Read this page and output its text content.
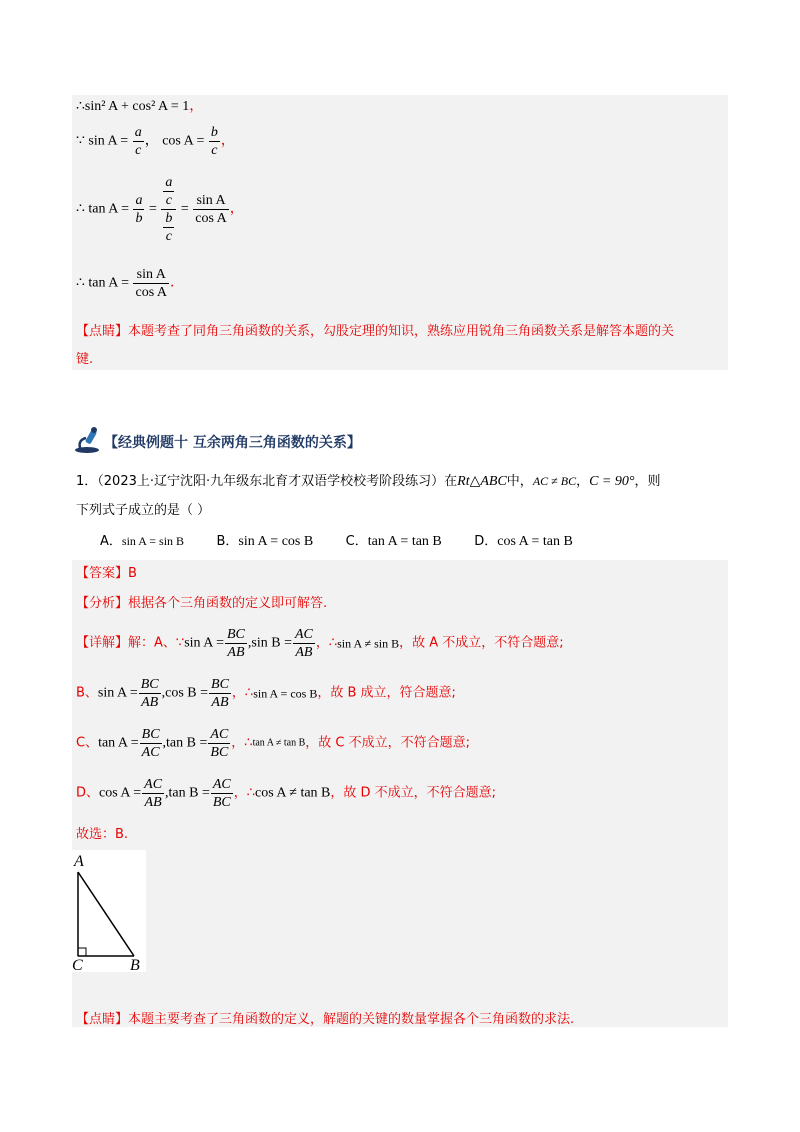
∴sin² A + cos² A = 1，
∵ $\sin A = \frac{a}{c}$ ， $\cos A = \frac{b}{c}$ ，
∴ $\tan A = \frac{a}{b} = \frac{\frac{a}{c}}{\frac{b}{c}} = \frac{\text{sin A}}{\text{cos A}}$ ，
∴ $\tan A = \frac{\text{sin A}}{\text{cos A}}$ ．
【点睛】本题考查了同角三角函数的关系，勾股定理的知识，熟练应用锐角三角函数关系是解答本题的关
键.
【经典例题十 互余两角三角函数的关系】
1．（2023上·辽宁沈阳·九年级东北育才双语学校校考阶段练习）在Rt△ABC中，AC ≠ BC，C = 90°，则
下列式子成立的是（ ）
A．sin A = sin B B．sin A = cos B C．tan A = tan B D．cos A = tan B
【答案】B
【分析】根据各个三角函数的定义即可解答.
【详解】解：A、∵sin $A = \frac{BC}{AB} ,\sin$ $B = \frac{AC}{AB}$ ，∴sin A ≠ sin B，故 A 不成立，不符合题意;
B、$\sin A = \frac{BC}{AB} ,\cos$ $B = \frac{BC}{AB}$ ，∴sin A = cos B，故 B 成立，符合题意;
C、$\tan A = \frac{BC}{AC} ,\tan$ $B = \frac{AC}{BC}$ ，∴tan A ≠ tan B，故 C 不成立，不符合题意;
D、$\cos A = \frac{AC}{AB} ,\tan$ $B = \frac{AC}{BC}$ ，∴cos A ≠ tan B，故 D 不成立，不符合题意;
故选：B.
A
C	B
【点睛】本题主要考查了三角函数的定义，解题的关键的数量掌握各个三角函数的求法.
